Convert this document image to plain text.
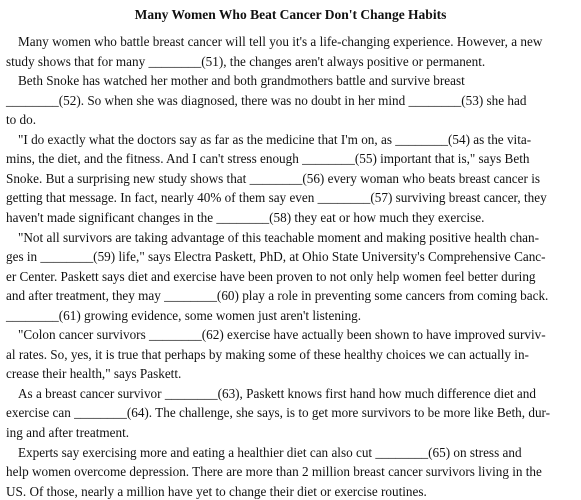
Many Women Who Beat Cancer Don't Change Habits
Many women who battle breast cancer will tell you it's a life-changing experience. However, a new
study shows that for many ________(51), the changes aren't always positive or permanent.
Beth Snoke has watched her mother and both grandmothers battle and survive breast
________(52). So when she was diagnosed, there was no doubt in her mind ________(53) she had
to do.
"I do exactly what the doctors say as far as the medicine that I'm on, as ________(54) as the vita-
mins, the diet, and the fitness. And I can't stress enough ________(55) important that is," says Beth
Snoke. But a surprising new study shows that ________(56) every woman who beats breast cancer is
getting that message. In fact, nearly 40% of them say even ________(57) surviving breast cancer, they
haven't made significant changes in the ________(58) they eat or how much they exercise.
"Not all survivors are taking advantage of this teachable moment and making positive health chan-
ges in ________(59) life," says Electra Paskett, PhD, at Ohio State University's Comprehensive Canc-
er Center. Paskett says diet and exercise have been proven to not only help women feel better during
and after treatment, they may ________(60) play a role in preventing some cancers from coming back.
________(61) growing evidence, some women just aren't listening.
"Colon cancer survivors ________(62) exercise have actually been shown to have improved surviv-
al rates. So, yes, it is true that perhaps by making some of these healthy choices we can actually in-
crease their health," says Paskett.
As a breast cancer survivor ________(63), Paskett knows first hand how much difference diet and
exercise can ________(64). The challenge, she says, is to get more survivors to be more like Beth, dur-
ing and after treatment.
Experts say exercising more and eating a healthier diet can also cut ________(65) on stress and
help women overcome depression. There are more than 2 million breast cancer survivors living in the
US. Of those, nearly a million have yet to change their diet or exercise routines.
